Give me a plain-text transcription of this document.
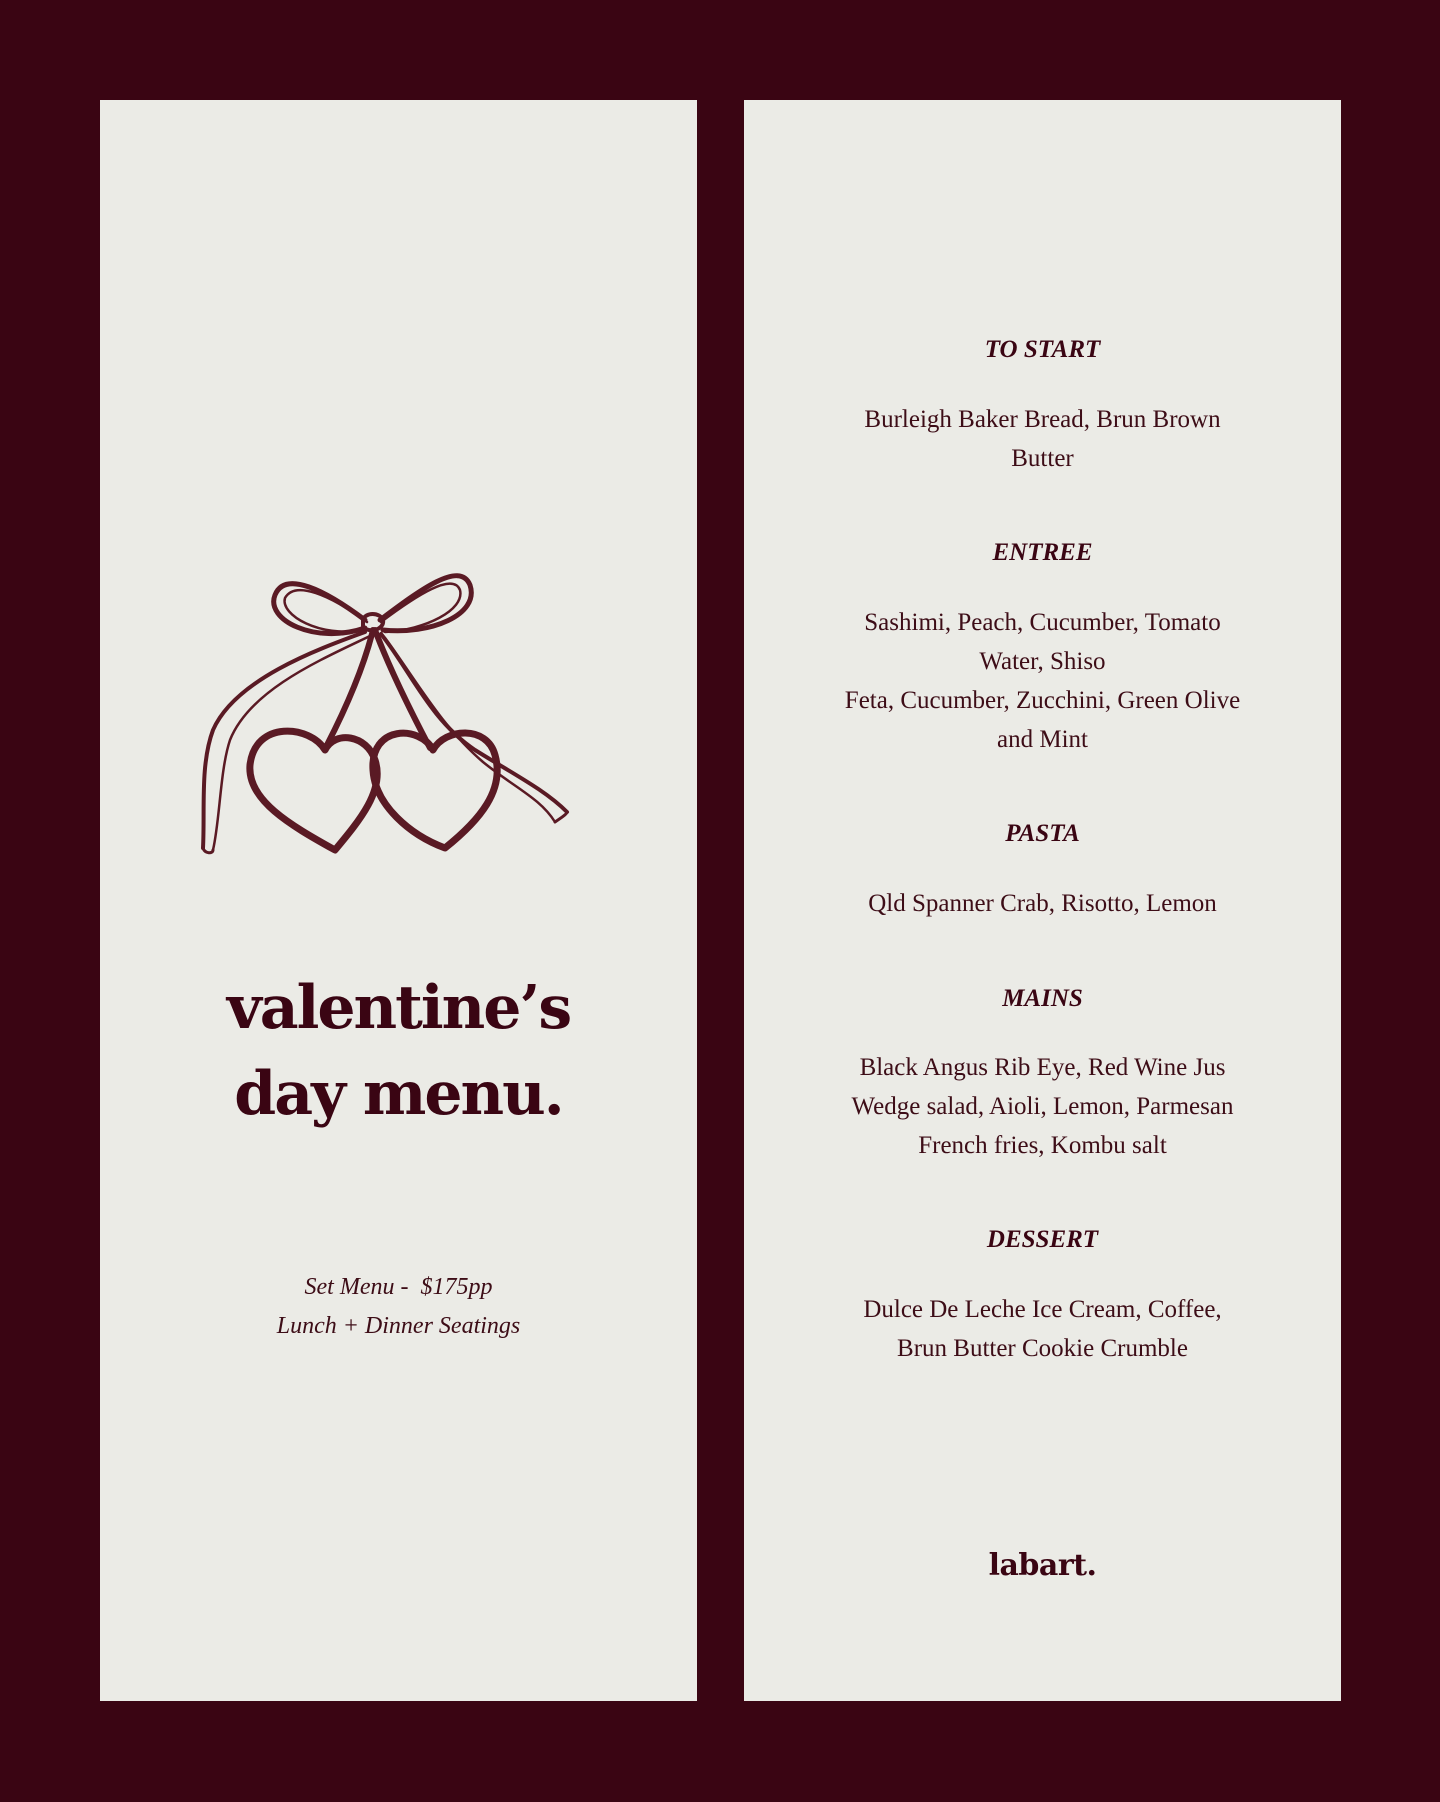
valentine’s
day menu.
Set Menu -  $175pp
Lunch + Dinner Seatings
TO START
Burleigh Baker Bread, Brun Brown
Butter
ENTREE
Sashimi, Peach, Cucumber, Tomato
Water, Shiso
Feta, Cucumber, Zucchini, Green Olive
and Mint
PASTA
Qld Spanner Crab, Risotto, Lemon
MAINS
Black Angus Rib Eye, Red Wine Jus
Wedge salad, Aioli, Lemon, Parmesan
French fries, Kombu salt
DESSERT
Dulce De Leche Ice Cream, Coffee,
Brun Butter Cookie Crumble
labart.
